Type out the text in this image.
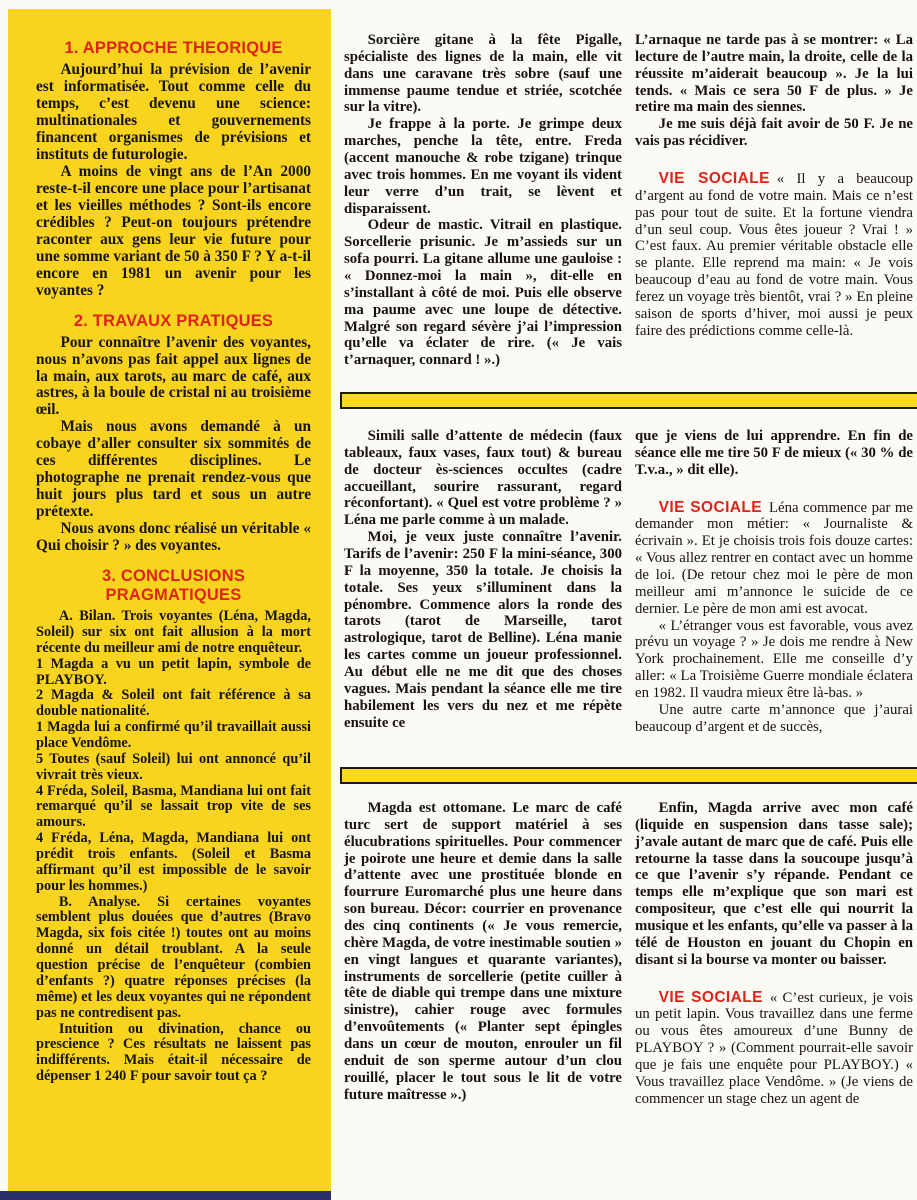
1. APPROCHE THEORIQUE

Aujourd’hui la prévision de l’avenir est informatisée. Tout comme celle du temps, c’est devenu une science: multinationales et gouvernements financent organismes de prévisions et instituts de futurologie.

A moins de vingt ans de l’An 2000 reste-t-il encore une place pour l’artisanat et les vieilles méthodes ? Sont-ils encore crédibles ? Peut-on toujours prétendre raconter aux gens leur vie future pour une somme variant de 50 à 350 F ? Y a-t-il encore en 1981 un avenir pour les voyantes ?

2. TRAVAUX PRATIQUES

Pour connaître l’avenir des voyantes, nous n’avons pas fait appel aux lignes de la main, aux tarots, au marc de café, aux astres, à la boule de cristal ni au troisième œil.

Mais nous avons demandé à un cobaye d’aller consulter six sommités de ces différentes disciplines. Le photographe ne prenait rendez-vous que huit jours plus tard et sous un autre prétexte.

Nous avons donc réalisé un véritable « Qui choisir ? » des voyantes.

3. CONCLUSIONS PRAGMATIQUES

A. Bilan. Trois voyantes (Léna, Magda, Soleil) sur six ont fait allusion à la mort récente du meilleur ami de notre enquêteur.

1 Magda a vu un petit lapin, symbole de PLAYBOY.

2 Magda & Soleil ont fait référence à sa double nationalité.

1 Magda lui a confirmé qu’il travaillait aussi place Vendôme.

5 Toutes (sauf Soleil) lui ont annoncé qu’il vivrait très vieux.

4 Fréda, Soleil, Basma, Mandiana lui ont fait remarqué qu’il se lassait trop vite de ses amours.

4 Fréda, Léna, Magda, Mandiana lui ont prédit trois enfants. (Soleil et Basma affirmant qu’il est impossible de le savoir pour les hommes.)

B. Analyse. Si certaines voyantes semblent plus douées que d’autres (Bravo Magda, six fois citée !) toutes ont au moins donné un détail troublant. A la seule question précise de l’enquêteur (combien d’enfants ?) quatre réponses précises (la même) et les deux voyantes qui ne répondent pas ne contredisent pas.

Intuition ou divination, chance ou prescience ? Ces résultats ne laissent pas indifférents. Mais était-il nécessaire de dépenser 1 240 F pour savoir tout ça ?

Sorcière gitane à la fête Pigalle, spécialiste des lignes de la main, elle vit dans une caravane très sobre (sauf une immense paume tendue et striée, scotchée sur la vitre).

Je frappe à la porte. Je grimpe deux marches, penche la tête, entre. Freda (accent manouche & robe tzigane) trinque avec trois hommes. En me voyant ils vident leur verre d’un trait, se lèvent et disparaissent.

Odeur de mastic. Vitrail en plastique. Sorcellerie prisunic. Je m’assieds sur un sofa pourri. La gitane allume une gauloise : « Donnez-moi la main », dit-elle en s’installant à côté de moi. Puis elle observe ma paume avec une loupe de détective. Malgré son regard sévère j’ai l’impression qu’elle va éclater de rire. (« Je vais t’arnaquer, connard ! ».)

L’arnaque ne tarde pas à se montrer: « La lecture de l’autre main, la droite, celle de la réussite m’aiderait beaucoup ». Je la lui tends. « Mais ce sera 50 F de plus. » Je retire ma main des siennes.

Je me suis déjà fait avoir de 50 F. Je ne vais pas récidiver.

VIE SOCIALE « Il y a beaucoup d’argent au fond de votre main. Mais ce n’est pas pour tout de suite. Et la fortune viendra d’un seul coup. Vous êtes joueur ? Vrai ! » C’est faux. Au premier véritable obstacle elle se plante. Elle reprend ma main: « Je vois beaucoup d’eau au fond de votre main. Vous ferez un voyage très bientôt, vrai ? » En pleine saison de sports d’hiver, moi aussi je peux faire des prédictions comme celle-là.

Simili salle d’attente de médecin (faux tableaux, faux vases, faux tout) & bureau de docteur ès-sciences occultes (cadre accueillant, sourire rassurant, regard réconfortant). « Quel est votre problème ? » Léna me parle comme à un malade.

Moi, je veux juste connaître l’avenir. Tarifs de l’avenir: 250 F la mini-séance, 300 F la moyenne, 350 la totale. Je choisis la totale. Ses yeux s’illuminent dans la pénombre. Commence alors la ronde des tarots (tarot de Marseille, tarot astrologique, tarot de Belline). Léna manie les cartes comme un joueur professionnel. Au début elle ne me dit que des choses vagues. Mais pendant la séance elle me tire habilement les vers du nez et me répète ensuite ce

que je viens de lui apprendre. En fin de séance elle me tire 50 F de mieux (« 30 % de T.v.a., » dit elle).

VIE SOCIALE Léna commence par me demander mon métier: « Journaliste & écrivain ». Et je choisis trois fois douze cartes: « Vous allez rentrer en contact avec un homme de loi. (De retour chez moi le père de mon meilleur ami m’annonce le suicide de ce dernier. Le père de mon ami est avocat.

« L’étranger vous est favorable, vous avez prévu un voyage ? » Je dois me rendre à New York prochainement. Elle me conseille d’y aller: « La Troisième Guerre mondiale éclatera en 1982. Il vaudra mieux être là-bas. »

Une autre carte m’annonce que j’aurai beaucoup d’argent et de succès,

Magda est ottomane. Le marc de café turc sert de support matériel à ses élucubrations spirituelles. Pour commencer je poirote une heure et demie dans la salle d’attente avec une prostituée blonde en fourrure Euromarché plus une heure dans son bureau. Décor: courrier en provenance des cinq continents (« Je vous remercie, chère Magda, de votre inestimable soutien » en vingt langues et quarante variantes), instruments de sorcellerie (petite cuiller à tête de diable qui trempe dans une mixture sinistre), cahier rouge avec formules d’envoûtements (« Planter sept épingles dans un cœur de mouton, enrouler un fil enduit de son sperme autour d’un clou rouillé, placer le tout sous le lit de votre future maîtresse ».)

Enfin, Magda arrive avec mon café (liquide en suspension dans tasse sale); j’avale autant de marc que de café. Puis elle retourne la tasse dans la soucoupe jusqu’à ce que l’avenir s’y répande. Pendant ce temps elle m’explique que son mari est compositeur, que c’est elle qui nourrit la musique et les enfants, qu’elle va passer à la télé de Houston en jouant du Chopin en disant si la bourse va monter ou baisser.

VIE SOCIALE « C’est curieux, je vois un petit lapin. Vous travaillez dans une ferme ou vous êtes amoureux d’une Bunny de PLAYBOY ? » (Comment pourrait-elle savoir que je fais une enquête pour PLAYBOY.) « Vous travaillez place Vendôme. » (Je viens de commencer un stage chez un agent de
